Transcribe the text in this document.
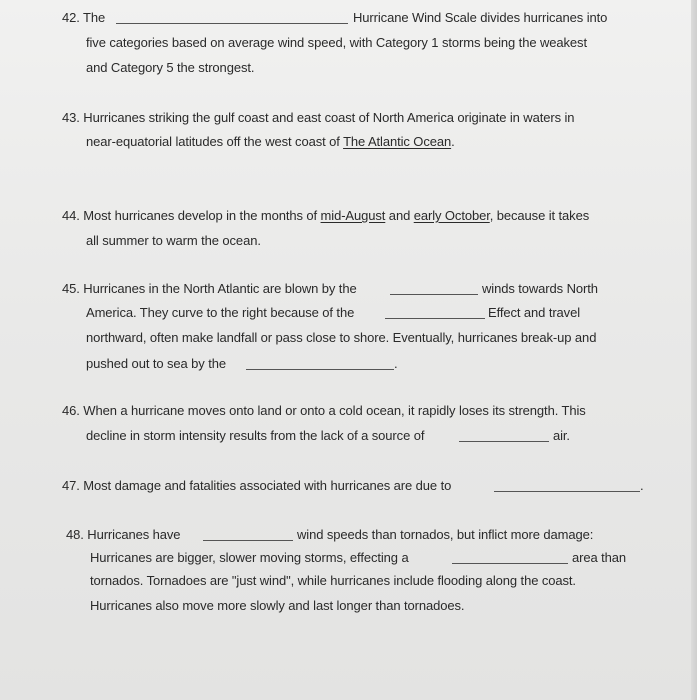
42. The	Hurricane Wind Scale divides hurricanes into
five categories based on average wind speed, with Category 1 storms being the weakest
and Category 5 the strongest.
43. Hurricanes striking the gulf coast and east coast of North America originate in waters in
near-equatorial latitudes off the west coast of The Atlantic Ocean.
44. Most hurricanes develop in the months of mid-August and early October, because it takes
all summer to warm the ocean.
45. Hurricanes in the North Atlantic are blown by the	winds towards North
America. They curve to the right because of the	Effect and travel
northward, often make landfall or pass close to shore. Eventually, hurricanes break-up and
pushed out to sea by the	.
46. When a hurricane moves onto land or onto a cold ocean, it rapidly loses its strength. This
decline in storm intensity results from the lack of a source of	air.
47. Most damage and fatalities associated with hurricanes are due to	.
48. Hurricanes have	wind speeds than tornados, but inflict more damage:
Hurricanes are bigger, slower moving storms, effecting a	area than
tornados. Tornadoes are "just wind", while hurricanes include flooding along the coast.
Hurricanes also move more slowly and last longer than tornadoes.
